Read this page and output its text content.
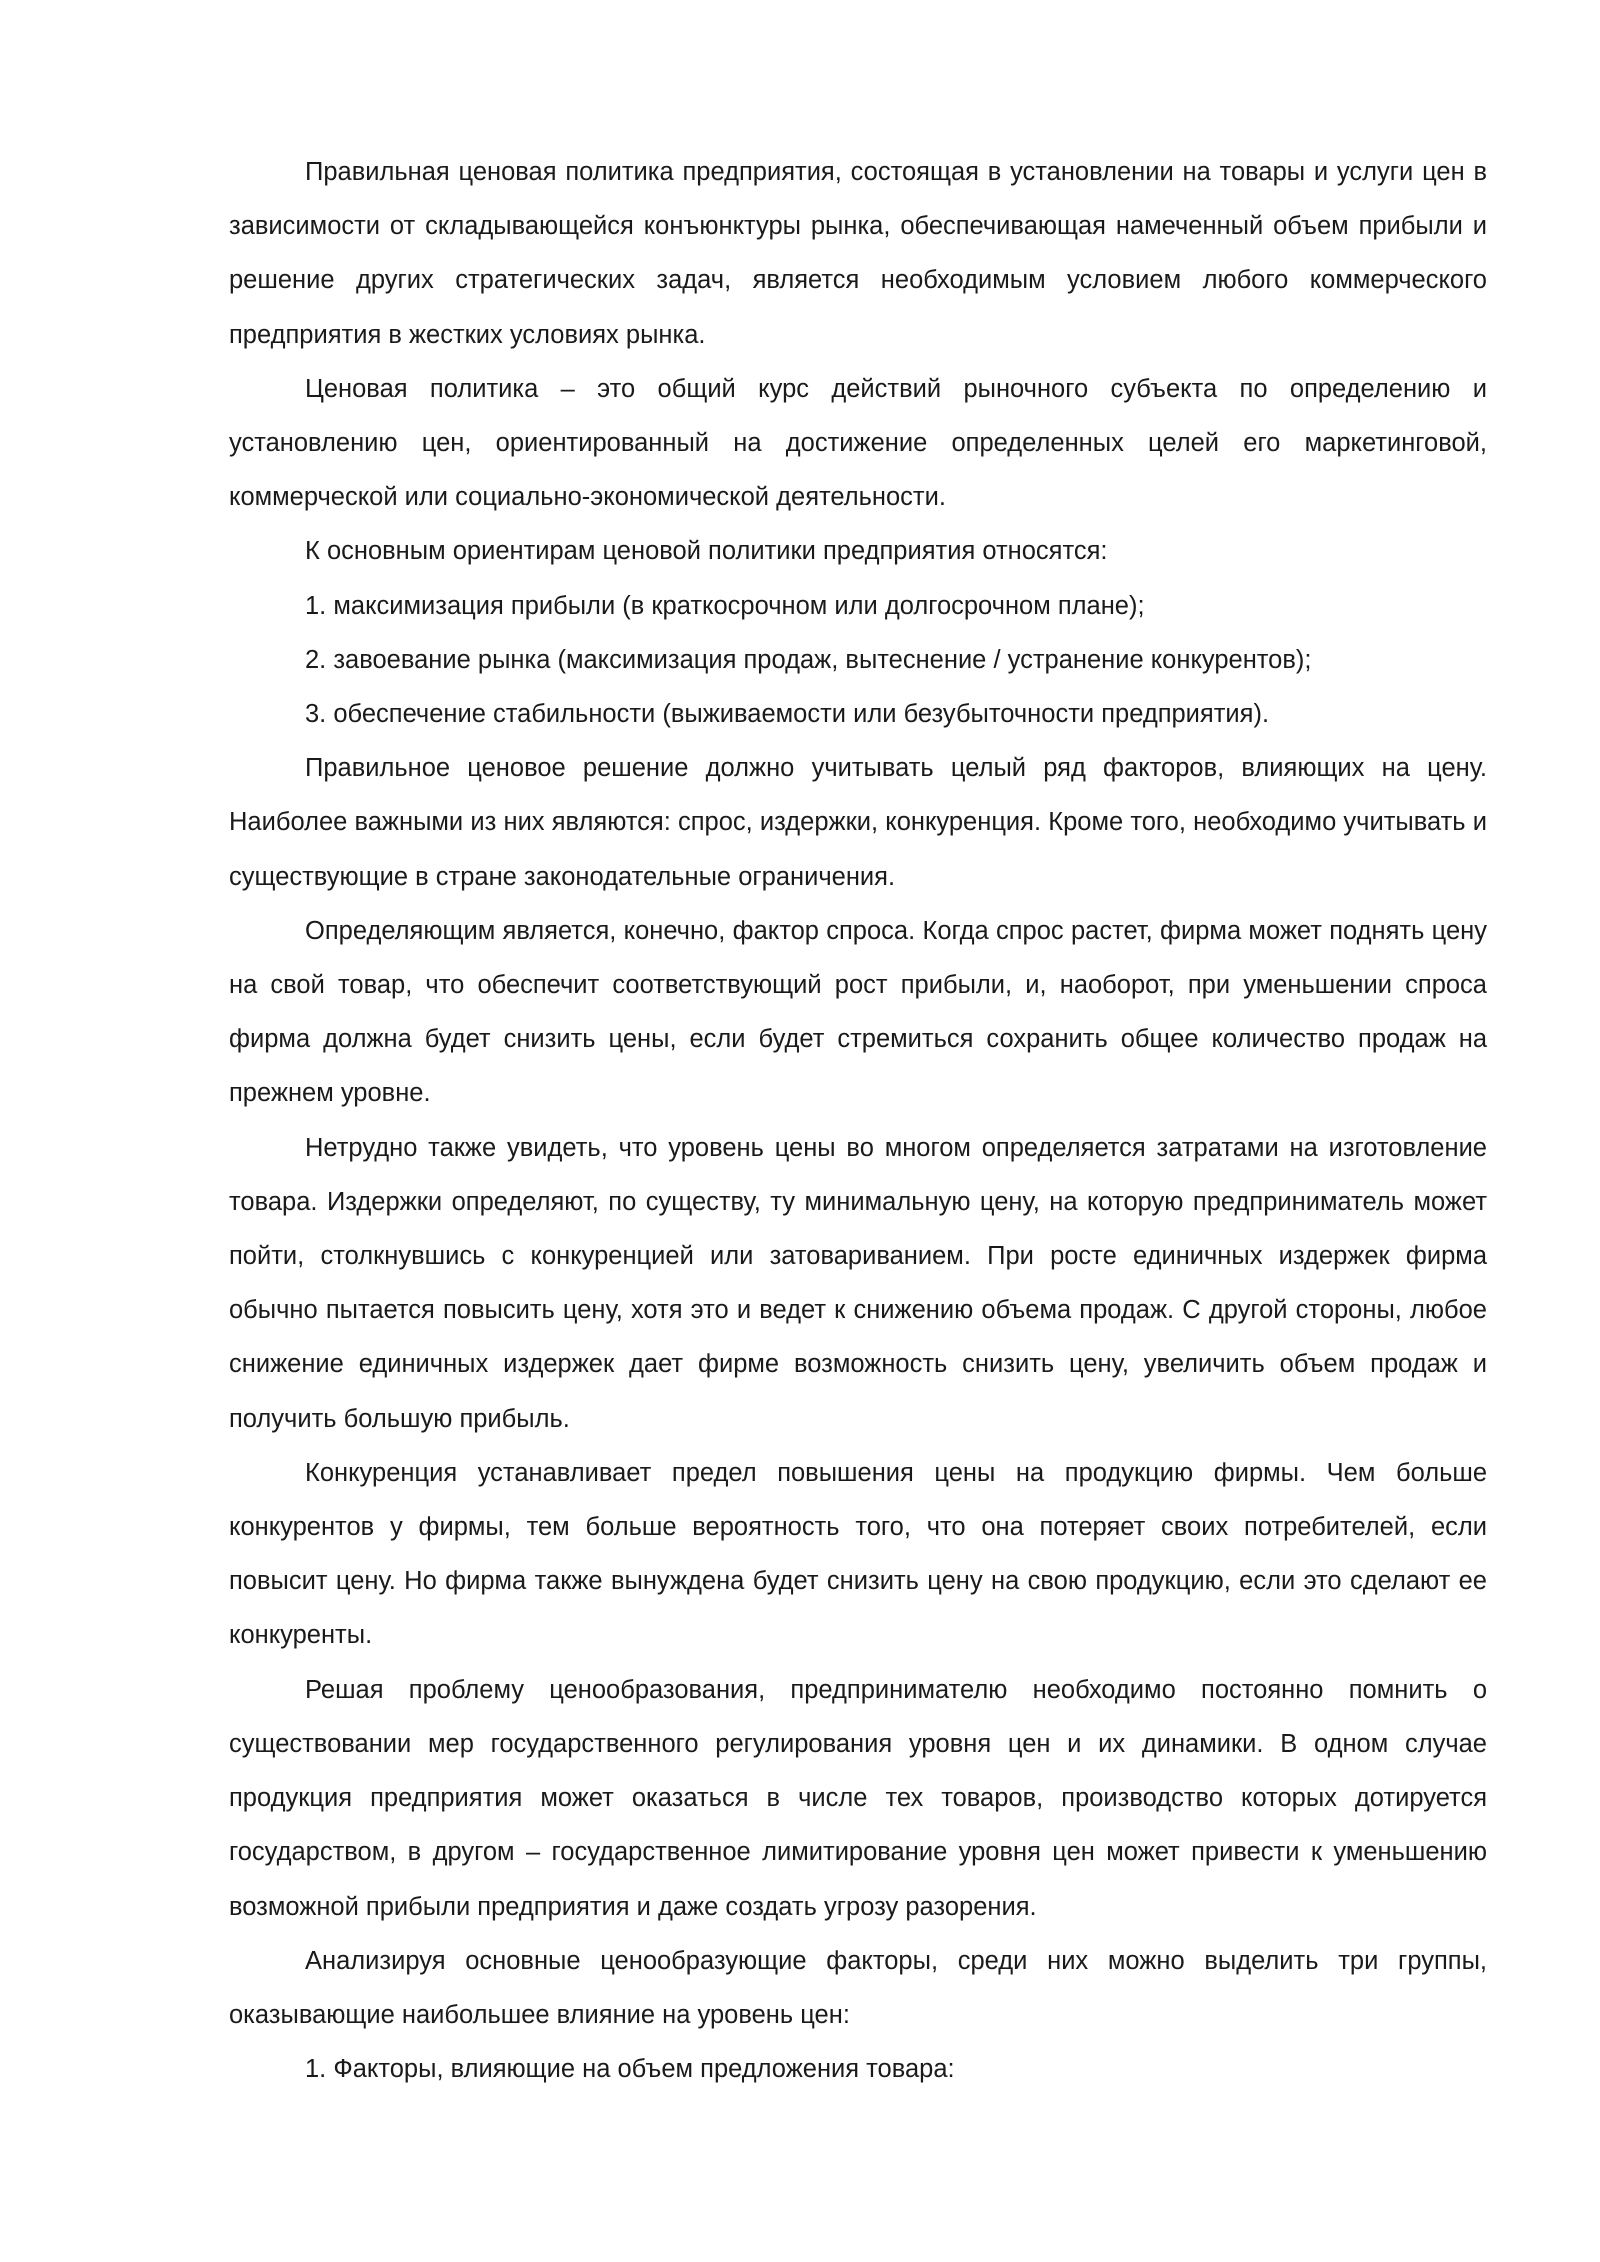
Правильная ценовая политика предприятия, состоящая в установлении на товары и услуги цен в зависимости от складывающейся конъюнктуры рынка, обеспечивающая намеченный объем прибыли и решение других стратегических задач, является необходимым условием любого коммерческого предприятия в жестких условиях рынка.

Ценовая политика – это общий курс действий рыночного субъекта по определению и установлению цен, ориентированный на достижение определенных целей его маркетинговой, коммерческой или социально-экономической деятельности.

К основным ориентирам ценовой политики предприятия относятся:

1. максимизация прибыли (в краткосрочном или долгосрочном плане);

2. завоевание рынка (максимизация продаж, вытеснение / устранение конкурентов);

3. обеспечение стабильности (выживаемости или безубыточности предприятия).

Правильное ценовое решение должно учитывать целый ряд факторов, влияющих на цену. Наиболее важными из них являются: спрос, издержки, конкуренция. Кроме того, необходимо учитывать и существующие в стране законодательные ограничения.

Определяющим является, конечно, фактор спроса. Когда спрос растет, фирма может поднять цену на свой товар, что обеспечит соответствующий рост прибыли, и, наоборот, при уменьшении спроса фирма должна будет снизить цены, если будет стремиться сохранить общее количество продаж на прежнем уровне.

Нетрудно также увидеть, что уровень цены во многом определяется затратами на изготовление товара. Издержки определяют, по существу, ту минимальную цену, на которую предприниматель может пойти, столкнувшись с конкуренцией или затовариванием. При росте единичных издержек фирма обычно пытается повысить цену, хотя это и ведет к снижению объема продаж. С другой стороны, любое снижение единичных издержек дает фирме возможность снизить цену, увеличить объем продаж и получить большую прибыль.

Конкуренция устанавливает предел повышения цены на продукцию фирмы. Чем больше конкурентов у фирмы, тем больше вероятность того, что она потеряет своих потребителей, если повысит цену. Но фирма также вынуждена будет снизить цену на свою продукцию, если это сделают ее конкуренты.

Решая проблему ценообразования, предпринимателю необходимо постоянно помнить о существовании мер государственного регулирования уровня цен и их динамики. В одном случае продукция предприятия может оказаться в числе тех товаров, производство которых дотируется государством, в другом – государственное лимитирование уровня цен может привести к уменьшению возможной прибыли предприятия и даже создать угрозу разорения.

Анализируя основные ценообразующие факторы, среди них можно выделить три группы, оказывающие наибольшее влияние на уровень цен:

1. Факторы, влияющие на объем предложения товара:
